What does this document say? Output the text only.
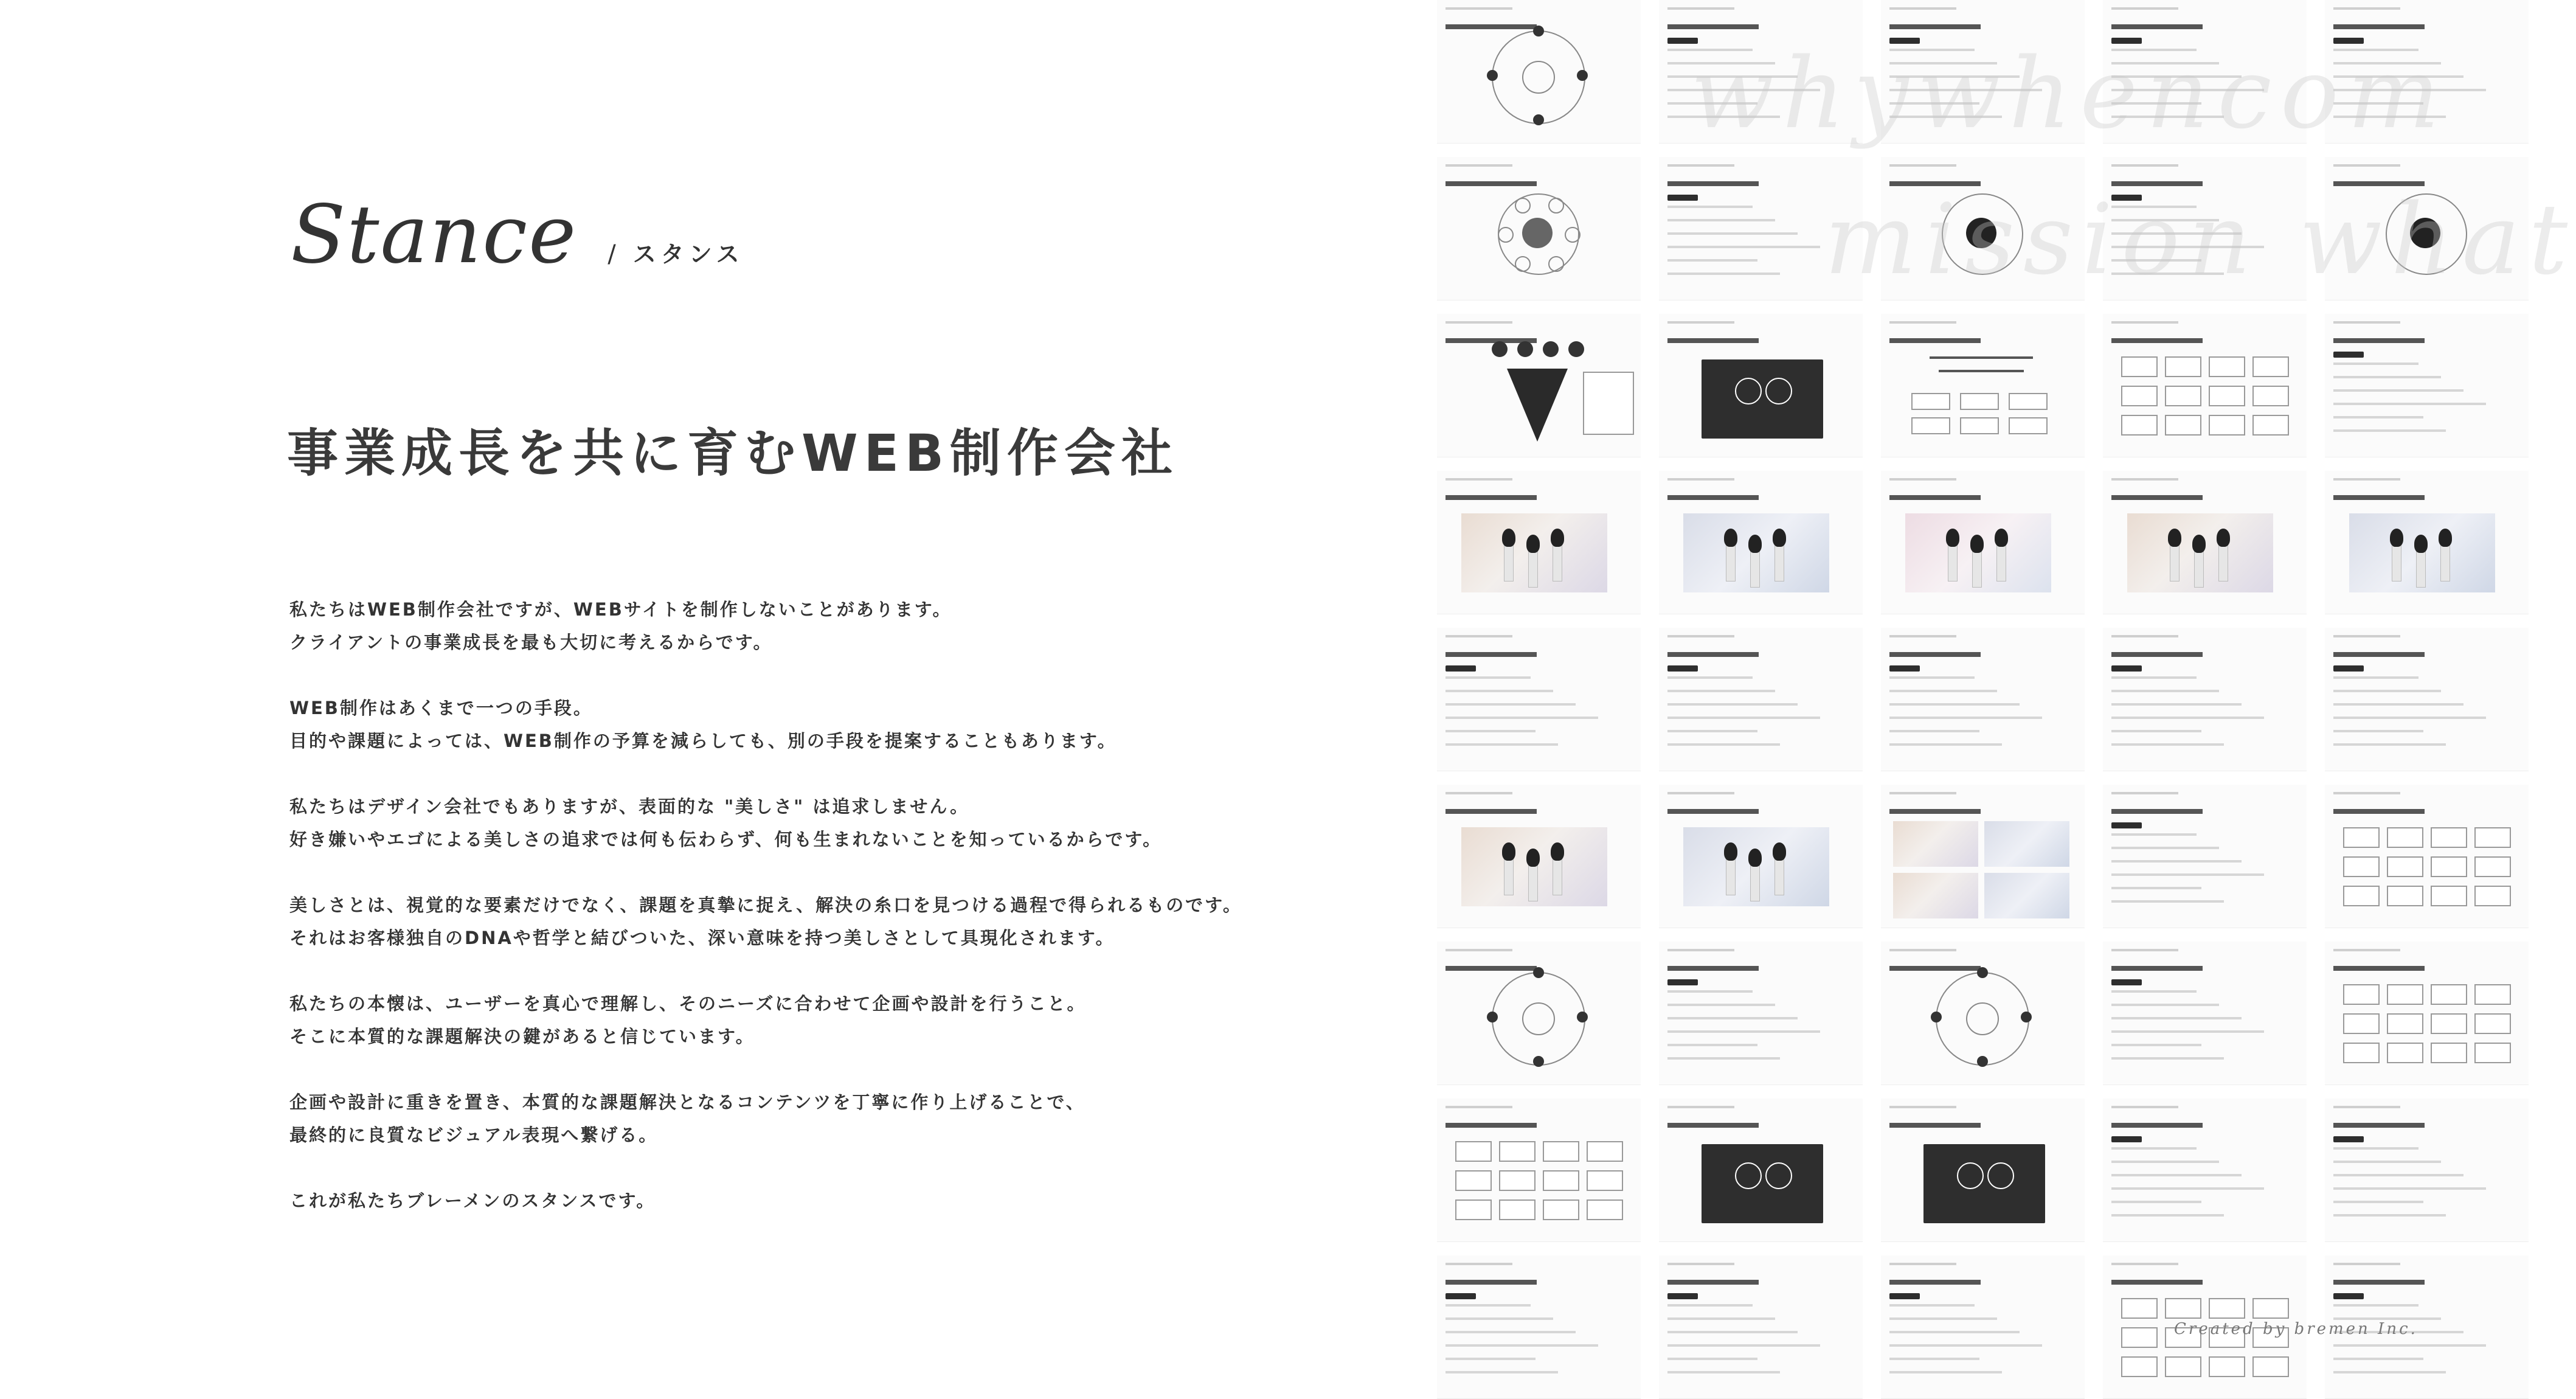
Stance / スタンス
事業成長を共に育むWEB制作会社

私たちはWEB制作会社ですが、WEBサイトを制作しないことがあります。
クライアントの事業成長を最も大切に考えるからです。

WEB制作はあくまで一つの手段。
目的や課題によっては、WEB制作の予算を減らしても、別の手段を提案することもあります。

私たちはデザイン会社でもありますが、表面的な "美しさ" は追求しません。
好き嫌いやエゴによる美しさの追求では何も伝わらず、何も生まれないことを知っているからです。

美しさとは、視覚的な要素だけでなく、課題を真摯に捉え、解決の糸口を見つける過程で得られるものです。
それはお客様独自のDNAや哲学と結びついた、深い意味を持つ美しさとして具現化されます。

私たちの本懐は、ユーザーを真心で理解し、そのニーズに合わせて企画や設計を行うこと。
そこに本質的な課題解決の鍵があると信じています。

企画や設計に重きを置き、本質的な課題解決となるコンテンツを丁寧に作り上げることで、
最終的に良質なビジュアル表現へ繋げる。

これが私たちブレーメンのスタンスです。

whywhencom
mission what
Created by bremen Inc.
